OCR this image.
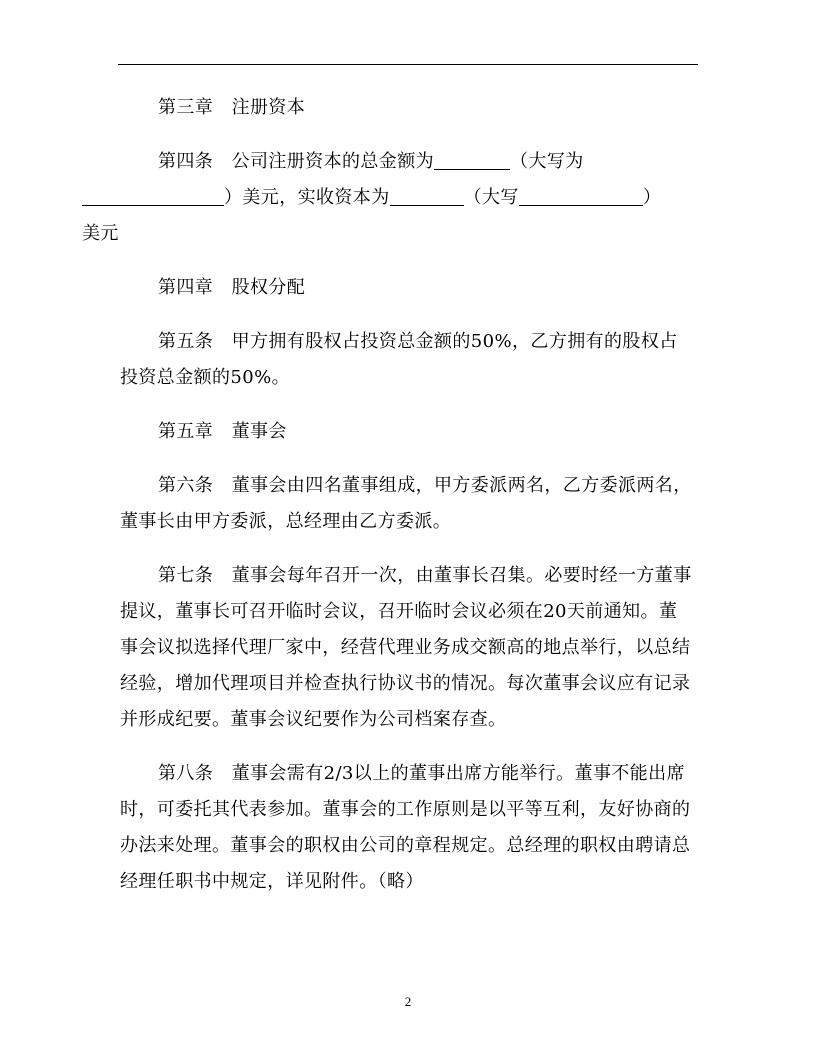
第三章　 注册资本

第四条　 公司注册资本的总金额为	（大写为
）美元，实收资本为	（大写	）
美元

第四章　 股权分配

第五条　 甲方拥有股权占投资总金额的50%，乙方拥有的股权占投资总金额的50%。

第五章　 董事会

第六条　 董事会由四名董事组成，甲方委派两名，乙方委派两名，董事长由甲方委派，总经理由乙方委派。

第七条　 董事会每年召开一次，由董事长召集。必要时经一方董事提议，董事长可召开临时会议，召开临时会议必须在20天前通知。董事会议拟选择代理厂家中，经营代理业务成交额高的地点举行，以总结经验，增加代理项目并检查执行协议书的情况。每次董事会议应有记录并形成纪要。董事会议纪要作为公司档案存查。

第八条　 董事会需有2/3以上的董事出席方能举行。董事不能出席时，可委托其代表参加。董事会的工作原则是以平等互利，友好协商的办法来处理。董事会的职权由公司的章程规定。总经理的职权由聘请总经理任职书中规定，详见附件。（略）

2
